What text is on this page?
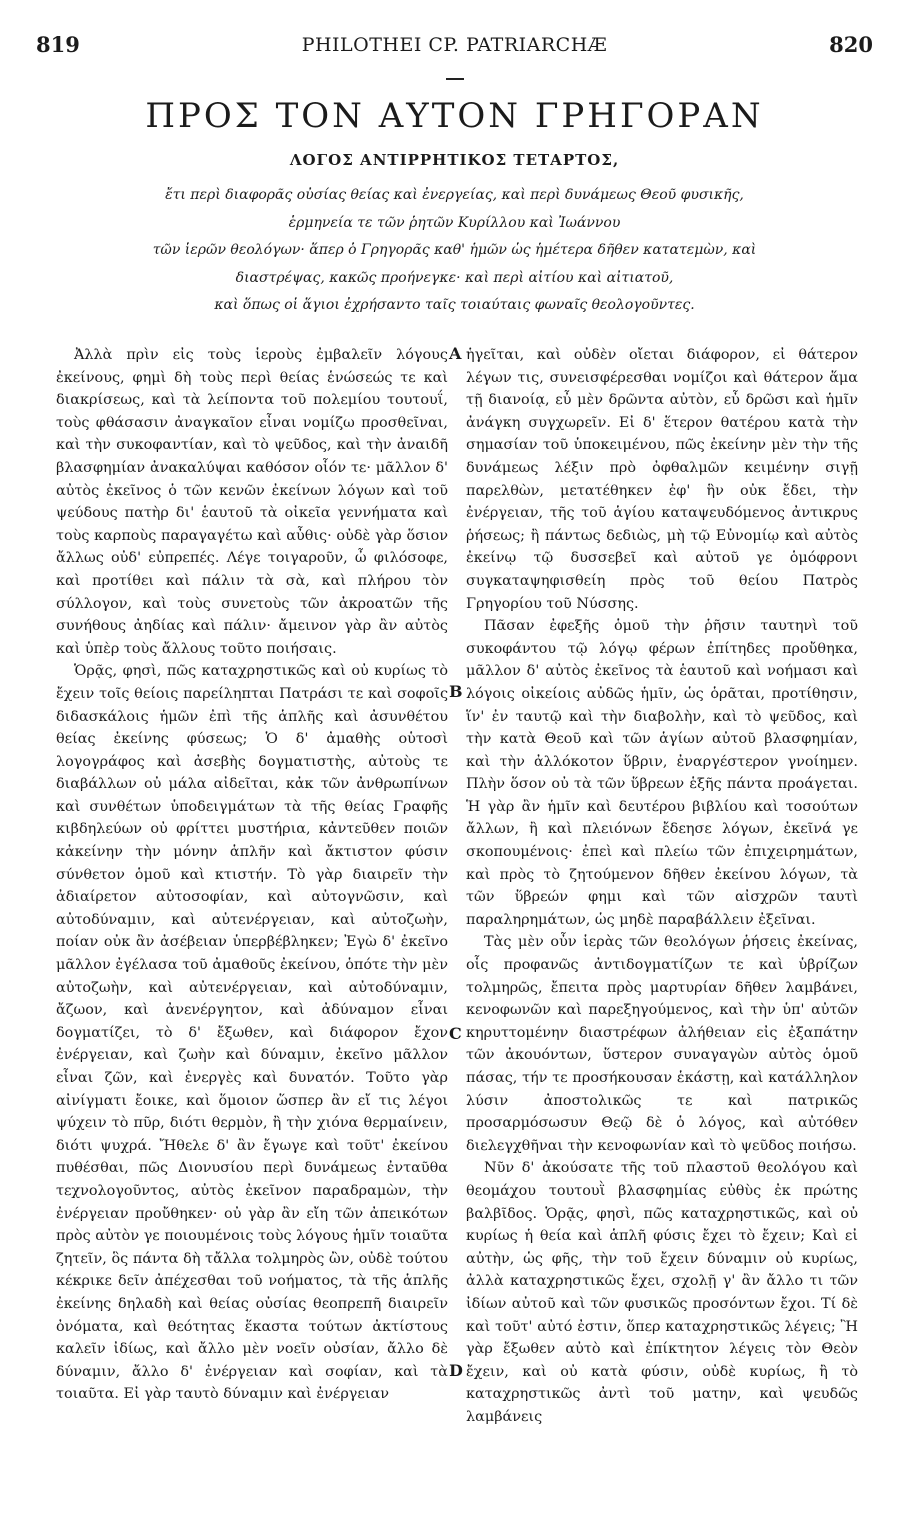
819	PHILOTHEI CP. PATRIARCHÆ	820
ΠΡΟΣ ΤΟΝ ΑΥΤΟΝ ΓΡΗΓΟΡΑΝ
ΛΟΓΟΣ ΑΝΤΙΡΡΗΤΙΚΟΣ ΤΕΤΑΡΤΟΣ,
ἔτι περὶ διαφορᾶς οὐσίας θείας καὶ ἐνεργείας, καὶ περὶ δυνάμεως Θεοῦ φυσικῆς,
ἑρμηνεία τε τῶν ῥητῶν Κυρίλλου καὶ Ἰωάννου
τῶν ἱερῶν θεολόγων· ἅπερ ὁ Γρηγορᾶς καθ' ἡμῶν ὡς ἡμέτερα δῆθεν κατατεμὼν, καὶ
διαστρέψας, κακῶς προήνεγκε· καὶ περὶ αἰτίου καὶ αἰτιατοῦ,
καὶ ὅπως οἱ ἅγιοι ἐχρήσαντο ταῖς τοιαύταις φωναῖς θεολογοῦντες.

Ἀλλὰ πρὶν εἰς τοὺς ἱεροὺς ἐμβαλεῖν λόγους ἐκείνους, φημὶ δὴ τοὺς περὶ θείας ἑνώσεώς τε καὶ διακρίσεως, καὶ τὰ λείποντα τοῦ πολεμίου τουτουΐ, τοὺς φθάσασιν ἀναγκαῖον εἶναι νομίζω προσθεῖναι, καὶ τὴν συκοφαντίαν, καὶ τὸ ψεῦδος, καὶ τὴν ἀναιδῆ βλασφημίαν ἀνακαλύψαι καθόσον οἷόν τε· μᾶλλον δ' αὐτὸς ἐκεῖνος ὁ τῶν κενῶν ἐκείνων λόγων καὶ τοῦ ψεύδους πατὴρ δι' ἑαυτοῦ τὰ οἰκεῖα γεννήματα καὶ τοὺς καρποὺς παραγαγέτω καὶ αὖθις· οὐδὲ γὰρ ὅσιον ἄλλως οὐδ' εὐπρεπές. Λέγε τοιγαροῦν, ὦ φιλόσοφε, καὶ προτίθει καὶ πάλιν τὰ σὰ, καὶ πλήρου τὸν σύλλογον, καὶ τοὺς συνετοὺς τῶν ἀκροατῶν τῆς συνήθους ἀηδίας καὶ πάλιν· ἄμεινον γὰρ ἂν αὐτὸς καὶ ὑπὲρ τοὺς ἄλλους τοῦτο ποιήσαις.

Ὁρᾷς, φησὶ, πῶς καταχρηστικῶς καὶ οὐ κυρίως τὸ ἔχειν τοῖς θείοις παρείληπται Πατράσι τε καὶ σοφοῖς διδασκάλοις ἡμῶν ἐπὶ τῆς ἁπλῆς καὶ ἀσυνθέτου θείας ἐκείνης φύσεως; Ὁ δ' ἀμαθὴς οὑτοσὶ λογογράφος καὶ ἀσεβὴς δογματιστὴς, αὐτοὺς τε διαβάλλων οὐ μάλα αἰδεῖται, κἀκ τῶν ἀνθρωπίνων καὶ συνθέτων ὑποδειγμάτων τὰ τῆς θείας Γραφῆς κιβδηλεύων οὐ φρίττει μυστήρια, κἀντεῦθεν ποιῶν κἀκείνην τὴν μόνην ἁπλῆν καὶ ἄκτιστον φύσιν σύνθετον ὁμοῦ καὶ κτιστήν. Τὸ γὰρ διαιρεῖν τὴν ἀδιαίρετον αὐτοσοφίαν, καὶ αὐτογνῶσιν, καὶ αὐτοδύναμιν, καὶ αὐτενέργειαν, καὶ αὐτοζωὴν, ποίαν οὐκ ἂν ἀσέβειαν ὑπερβέβληκεν; Ἐγὼ δ' ἐκεῖνο μᾶλλον ἐγέλασα τοῦ ἀμαθοῦς ἐκείνου, ὁπότε τὴν μὲν αὐτοζωὴν, καὶ αὐτενέργειαν, καὶ αὐτοδύναμιν, ἄζωον, καὶ ἀνενέργητον, καὶ ἀδύναμον εἶναι δογματίζει, τὸ δ' ἔξωθεν, καὶ διάφορον ἔχον ἐνέργειαν, καὶ ζωὴν καὶ δύναμιν, ἐκεῖνο μᾶλλον εἶναι ζῶν, καὶ ἐνεργὲς καὶ δυνατόν. Τοῦτο γὰρ αἰνίγματι ἔοικε, καὶ ὅμοιον ὥσπερ ἂν εἴ τις λέγοι ψύχειν τὸ πῦρ, διότι θερμὸν, ἢ τὴν χιόνα θερμαίνειν, διότι ψυχρά. Ἤθελε δ' ἂν ἔγωγε καὶ τοῦτ' ἐκείνου πυθέσθαι, πῶς Διονυσίου περὶ δυνάμεως ἐνταῦθα τεχνολογοῦντος, αὐτὸς ἐκεῖνον παραδραμὼν, τὴν ἐνέργειαν προὔθηκεν· οὐ γὰρ ἂν εἴη τῶν ἀπεικότων πρὸς αὐτὸν γε ποιουμένοις τοὺς λόγους ἡμῖν τοιαῦτα ζητεῖν, ὃς πάντα δὴ τἄλλα τολμηρὸς ὢν, οὐδὲ τούτου κέκρικε δεῖν ἀπέχεσθαι τοῦ νοήματος, τὰ τῆς ἁπλῆς ἐκείνης δηλαδὴ καὶ θείας οὐσίας θεοπρεπῆ διαιρεῖν ὀνόματα, καὶ θεότητας ἕκαστα τούτων ἀκτίστους καλεῖν ἰδίως, καὶ ἄλλο μὲν νοεῖν οὐσίαν, ἄλλο δὲ δύναμιν, ἄλλο δ' ἐνέργειαν καὶ σοφίαν, καὶ τὰ τοιαῦτα. Εἰ γὰρ ταυτὸ δύναμιν καὶ ἐνέργειαν

A
B
C
D

ἡγεῖται, καὶ οὐδὲν οἴεται διάφορον, εἰ θάτερον λέγων τις, συνεισφέρεσθαι νομίζοι καὶ θάτερον ἅμα τῇ διανοίᾳ, εὖ μὲν δρῶντα αὐτὸν, εὖ δρῶσι καὶ ἡμῖν ἀνάγκη συγχωρεῖν. Εἰ δ' ἕτερον θατέρου κατὰ τὴν σημασίαν τοῦ ὑποκειμένου, πῶς ἐκείνην μὲν τὴν τῆς δυνάμεως λέξιν πρὸ ὀφθαλμῶν κειμένην σιγῇ παρελθὼν, μετατέθηκεν ἐφ' ἣν οὐκ ἔδει, τὴν ἐνέργειαν, τῆς τοῦ ἁγίου καταψευδόμενος ἀντικρυς ῥήσεως; ἢ πάντως δεδιὼς, μὴ τῷ Εὐνομίῳ καὶ αὐτὸς ἐκείνῳ τῷ δυσσεβεῖ καὶ αὐτοῦ γε ὁμόφρονι συγκαταψηφισθείη πρὸς τοῦ θείου Πατρὸς Γρηγορίου τοῦ Νύσσης.

Πᾶσαν ἐφεξῆς ὁμοῦ τὴν ῥῆσιν ταυτηνὶ τοῦ συκοφάντου τῷ λόγῳ φέρων ἐπίτηδες προὔθηκα, μᾶλλον δ' αὐτὸς ἐκεῖνος τὰ ἑαυτοῦ καὶ νοήμασι καὶ λόγοις οἰκείοις αὐδῶς ἡμῖν, ὡς ὁρᾶται, προτίθησιν, ἵν' ἐν ταυτῷ καὶ τὴν διαβολὴν, καὶ τὸ ψεῦδος, καὶ τὴν κατὰ Θεοῦ καὶ τῶν ἁγίων αὐτοῦ βλασφημίαν, καὶ τὴν ἀλλόκοτον ὕβριν, ἐναργέστερον γνοίημεν. Πλὴν ὅσον οὐ τὰ τῶν ὕβρεων ἑξῆς πάντα προάγεται. Ἡ γὰρ ἂν ἡμῖν καὶ δευτέρου βιβλίου καὶ τοσούτων ἄλλων, ἢ καὶ πλειόνων ἔδεησε λόγων, ἐκεῖνά γε σκοπουμένοις· ἐπεὶ καὶ πλείω τῶν ἐπιχειρημάτων, καὶ πρὸς τὸ ζητούμενον δῆθεν ἐκείνου λόγων, τὰ τῶν ὕβρεών φημι καὶ τῶν αἰσχρῶν ταυτὶ παραληρημάτων, ὡς μηδὲ παραβάλλειν ἐξεῖναι.

Τὰς μὲν οὖν ἱερὰς τῶν θεολόγων ῥήσεις ἐκείνας, οἷς προφανῶς ἀντιδογματίζων τε καὶ ὑβρίζων τολμηρῶς, ἔπειτα πρὸς μαρτυρίαν δῆθεν λαμβάνει, κενοφωνῶν καὶ παρεξηγούμενος, καὶ τὴν ὑπ' αὐτῶν κηρυττομένην διαστρέφων ἀλήθειαν εἰς ἐξαπάτην τῶν ἀκουόντων, ὕστερον συναγαγὼν αὐτὸς ὁμοῦ πάσας, τήν τε προσήκουσαν ἑκάστῃ, καὶ κατάλληλον λύσιν ἀποστολικῶς τε καὶ πατρικῶς προσαρμόσωσυν Θεῷ δὲ ὁ λόγος, καὶ αὐτόθεν διελεγχθῆναι τὴν κενοφωνίαν καὶ τὸ ψεῦδος ποιήσω.

Νῦν δ' ἀκούσατε τῆς τοῦ πλαστοῦ θεολόγου καὶ θεομάχου τουτουῒ βλασφημίας εὐθὺς ἐκ πρώτης βαλβῖδος. Ὁρᾷς, φησὶ, πῶς καταχρηστικῶς, καὶ οὐ κυρίως ἡ θεία καὶ ἁπλῆ φύσις ἔχει τὸ ἔχειν; Καὶ εἰ αὐτὴν, ὡς φῆς, τὴν τοῦ ἔχειν δύναμιν οὐ κυρίως, ἀλλὰ καταχρηστικῶς ἔχει, σχολῇ γ' ἂν ἄλλο τι τῶν ἰδίων αὐτοῦ καὶ τῶν φυσικῶς προσόντων ἔχοι. Τί δὲ καὶ τοῦτ' αὐτό ἐστιν, ὅπερ καταχρηστικῶς λέγεις; Ἢ γὰρ ἔξωθεν αὐτὸ καὶ ἐπίκτητον λέγεις τὸν Θεὸν ἔχειν, καὶ οὐ κατὰ φύσιν, οὐδὲ κυρίως, ἢ τὸ καταχρηστικῶς ἀντὶ τοῦ ματην, καὶ ψευδῶς λαμβάνεις
